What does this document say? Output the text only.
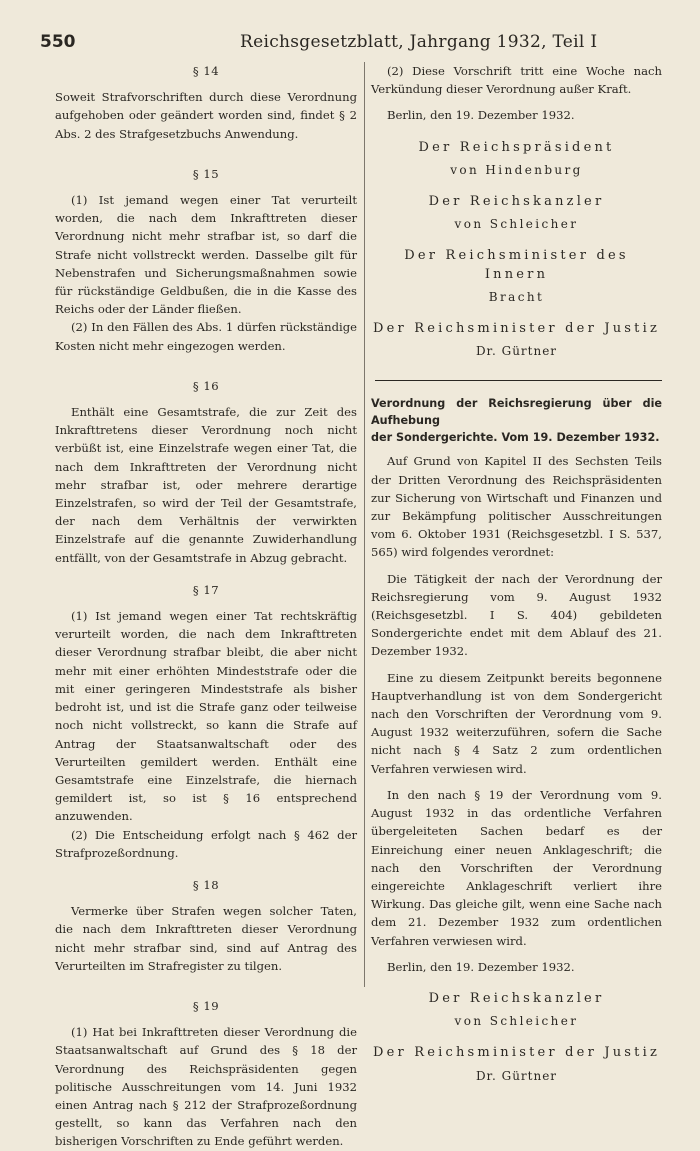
550	Reichsgesetzblatt, Jahrgang 1932, Teil I
§ 14

Soweit Strafvorschriften durch diese Verordnung aufgehoben oder geändert worden sind, findet § 2 Abs. 2 des Strafgesetzbuchs Anwendung.

§ 15

(1) Ist jemand wegen einer Tat verurteilt worden, die nach dem Inkrafttreten dieser Verordnung nicht mehr strafbar ist, so darf die Strafe nicht vollstreckt werden. Dasselbe gilt für Nebenstrafen und Sicherungsmaßnahmen sowie für rückständige Geldbußen, die in die Kasse des Reichs oder der Länder fließen.

(2) In den Fällen des Abs. 1 dürfen rückständige Kosten nicht mehr eingezogen werden.

§ 16

Enthält eine Gesamtstrafe, die zur Zeit des Inkrafttretens dieser Verordnung noch nicht verbüßt ist, eine Einzelstrafe wegen einer Tat, die nach dem Inkrafttreten der Verordnung nicht mehr strafbar ist, oder mehrere derartige Einzelstrafen, so wird der Teil der Gesamtstrafe, der nach dem Verhältnis der verwirkten Einzelstrafe auf die genannte Zuwiderhandlung entfällt, von der Gesamtstrafe in Abzug gebracht.

§ 17

(1) Ist jemand wegen einer Tat rechtskräftig verurteilt worden, die nach dem Inkrafttreten dieser Verordnung strafbar bleibt, die aber nicht mehr mit einer erhöhten Mindeststrafe oder die mit einer geringeren Mindeststrafe als bisher bedroht ist, und ist die Strafe ganz oder teilweise noch nicht vollstreckt, so kann die Strafe auf Antrag der Staatsanwaltschaft oder des Verurteilten gemildert werden. Enthält eine Gesamtstrafe eine Einzelstrafe, die hiernach gemildert ist, so ist § 16 entsprechend anzuwenden.

(2) Die Entscheidung erfolgt nach § 462 der Strafprozeßordnung.

§ 18

Vermerke über Strafen wegen solcher Taten, die nach dem Inkrafttreten dieser Verordnung nicht mehr strafbar sind, sind auf Antrag des Verurteilten im Strafregister zu tilgen.

§ 19

(1) Hat bei Inkrafttreten dieser Verordnung die Staatsanwaltschaft auf Grund des § 18 der Verordnung des Reichspräsidenten gegen politische Ausschreitungen vom 14. Juni 1932 einen Antrag nach § 212 der Strafprozeßordnung gestellt, so kann das Verfahren nach den bisherigen Vorschriften zu Ende geführt werden.

(2) Diese Vorschrift tritt eine Woche nach Verkündung dieser Verordnung außer Kraft.

Berlin, den 19. Dezember 1932.

Der Reichspräsident
von Hindenburg
Der Reichskanzler
von Schleicher
Der Reichsminister des Innern
Bracht
Der Reichsminister der Justiz
Dr. Gürtner
Verordnung der Reichsregierung über die Aufhebung
der Sondergerichte. Vom 19. Dezember 1932.

Auf Grund von Kapitel II des Sechsten Teils der Dritten Verordnung des Reichspräsidenten zur Sicherung von Wirtschaft und Finanzen und zur Bekämpfung politischer Ausschreitungen vom 6. Oktober 1931 (Reichsgesetzbl. I S. 537, 565) wird folgendes verordnet:

Die Tätigkeit der nach der Verordnung der Reichsregierung vom 9. August 1932 (Reichsgesetzbl. I S. 404) gebildeten Sondergerichte endet mit dem Ablauf des 21. Dezember 1932.

Eine zu diesem Zeitpunkt bereits begonnene Hauptverhandlung ist von dem Sondergericht nach den Vorschriften der Verordnung vom 9. August 1932 weiterzuführen, sofern die Sache nicht nach § 4 Satz 2 zum ordentlichen Verfahren verwiesen wird.

In den nach § 19 der Verordnung vom 9. August 1932 in das ordentliche Verfahren übergeleiteten Sachen bedarf es der Einreichung einer neuen Anklageschrift; die nach den Vorschriften der Verordnung eingereichte Anklageschrift verliert ihre Wirkung. Das gleiche gilt, wenn eine Sache nach dem 21. Dezember 1932 zum ordentlichen Verfahren verwiesen wird.

Berlin, den 19. Dezember 1932.

Der Reichskanzler
von Schleicher
Der Reichsminister der Justiz
Dr. Gürtner
